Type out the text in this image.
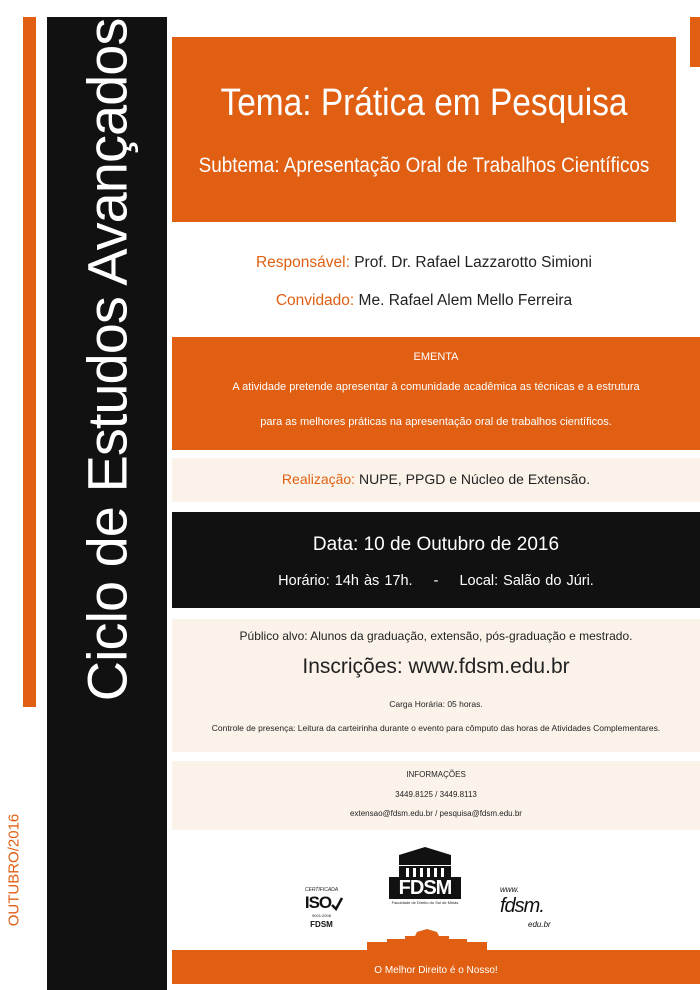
Ciclo de Estudos Avançados
OUTUBRO/2016
Tema: Prática em Pesquisa
Subtema: Apresentação Oral de Trabalhos Científicos
Responsável: Prof. Dr. Rafael Lazzarotto Simioni
Convidado: Me. Rafael Alem Mello Ferreira
EMENTA
A atividade pretende apresentar à comunidade acadêmica as técnicas e a estrutura
para as melhores práticas na apresentação oral de trabalhos científicos.
Realização: NUPE, PPGD e Núcleo de Extensão.
Data: 10 de Outubro de 2016
Horário: 14h às 17h. - Local: Salão do Júri.
Público alvo: Alunos da graduação, extensão, pós-graduação e mestrado.
Inscrições: www.fdsm.edu.br
Carga Horária: 05 horas.
Controle de presença: Leitura da carteirinha durante o evento para cômputo das horas de Atividades Complementares.
INFORMAÇÕES
3449.8125 / 3449.8113
extensao@fdsm.edu.br / pesquisa@fdsm.edu.br
FDSM
Faculdade de Direito do Sul de Minas
CERTIFICADA
ISO
9001:2008
FDSM
www.
fdsm.
edu.br
O Melhor Direito é o Nosso!
